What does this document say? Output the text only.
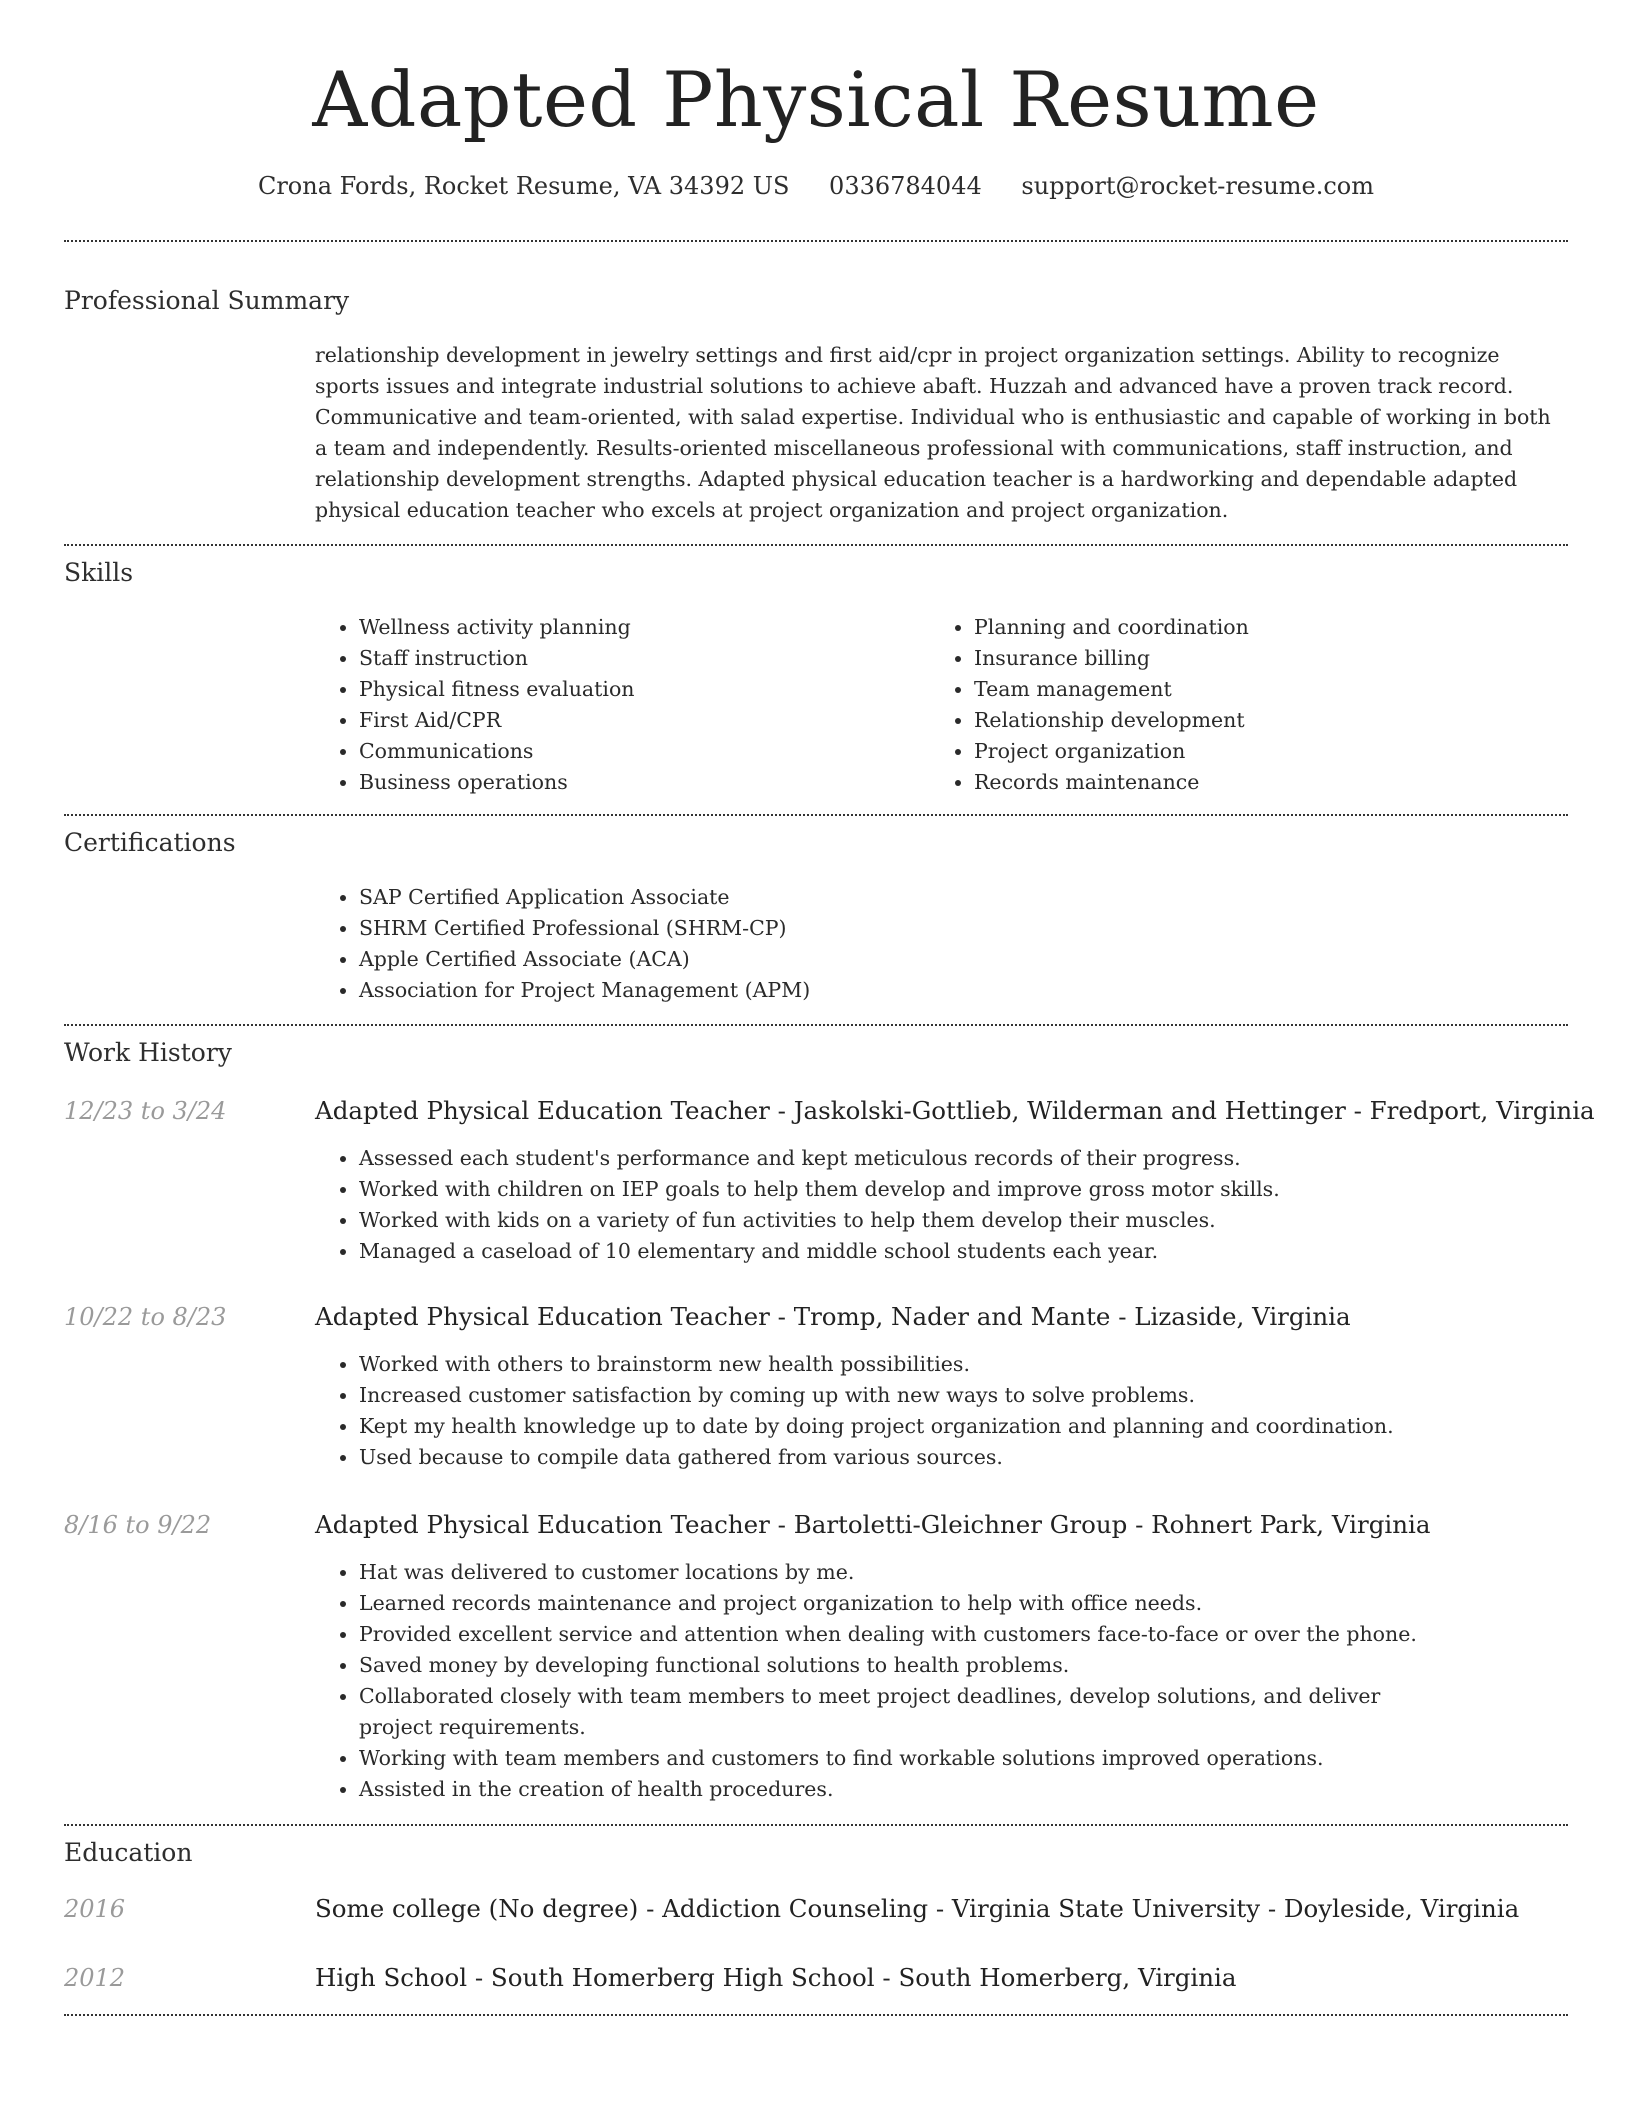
Adapted Physical Resume
Crona Fords, Rocket Resume, VA 34392 US 0336784044 support@rocket-resume.com
Professional Summary

relationship development in jewelry settings and first aid/cpr in project organization settings. Ability to recognize sports issues and integrate industrial solutions to achieve abaft. Huzzah and advanced have a proven track record. Communicative and team-oriented, with salad expertise. Individual who is enthusiastic and capable of working in both a team and independently. Results-oriented miscellaneous professional with communications, staff instruction, and relationship development strengths. Adapted physical education teacher is a hardworking and dependable adapted physical education teacher who excels at project organization and project organization.

Skills
• Wellness activity planning
• Staff instruction
• Physical fitness evaluation
• First Aid/CPR
• Communications
• Business operations
• Planning and coordination
• Insurance billing
• Team management
• Relationship development
• Project organization
• Records maintenance
Certifications
• SAP Certified Application Associate
• SHRM Certified Professional (SHRM-CP)
• Apple Certified Associate (ACA)
• Association for Project Management (APM)
Work History
12/23 to 3/24	Adapted Physical Education Teacher - Jaskolski-Gottlieb, Wilderman and Hettinger - Fredport, Virginia
• Assessed each student's performance and kept meticulous records of their progress.
• Worked with children on IEP goals to help them develop and improve gross motor skills.
• Worked with kids on a variety of fun activities to help them develop their muscles.
• Managed a caseload of 10 elementary and middle school students each year.
10/22 to 8/23	Adapted Physical Education Teacher - Tromp, Nader and Mante - Lizaside, Virginia
• Worked with others to brainstorm new health possibilities.
• Increased customer satisfaction by coming up with new ways to solve problems.
• Kept my health knowledge up to date by doing project organization and planning and coordination.
• Used because to compile data gathered from various sources.
8/16 to 9/22	Adapted Physical Education Teacher - Bartoletti-Gleichner Group - Rohnert Park, Virginia
• Hat was delivered to customer locations by me.
• Learned records maintenance and project organization to help with office needs.
• Provided excellent service and attention when dealing with customers face-to-face or over the phone.
• Saved money by developing functional solutions to health problems.
• Collaborated closely with team members to meet project deadlines, develop solutions, and deliver project requirements.
• Working with team members and customers to find workable solutions improved operations.
• Assisted in the creation of health procedures.
Education
2016	Some college (No degree) - Addiction Counseling - Virginia State University - Doyleside, Virginia
2012	High School - South Homerberg High School - South Homerberg, Virginia
